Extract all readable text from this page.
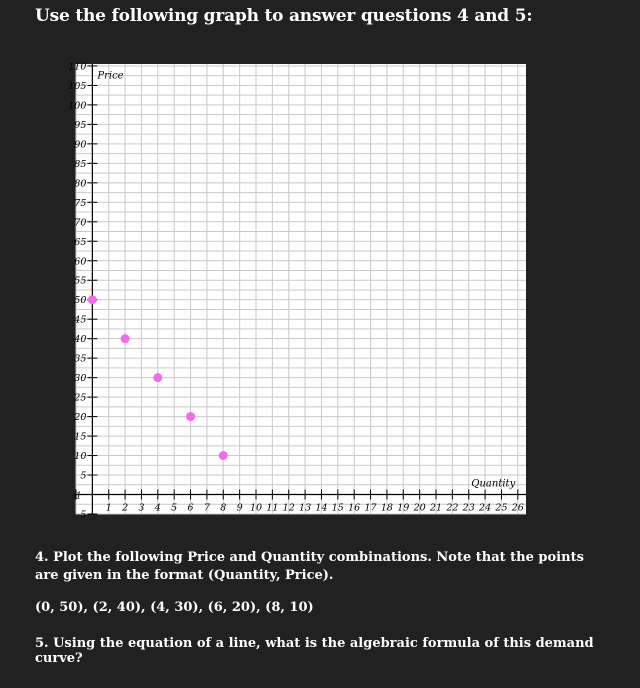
Use the following graph to answer questions 4 and 5:
1 2 3 4 5 6 7 8 9 10 11 12 13 14 15 16 17 18 19 20 21 22 23 24 25 26
-1
5
10
15
20
25
30
35
40
45
50
55
60
65
70
75
80
85
90
95
100
105
110
-5
Price
Quantity
4. Plot the following Price and Quantity combinations. Note that the points are given in the format (Quantity, Price).
(0, 50), (2, 40), (4, 30), (6, 20), (8, 10)
5. Using the equation of a line, what is the algebraic formula of this demand curve?
